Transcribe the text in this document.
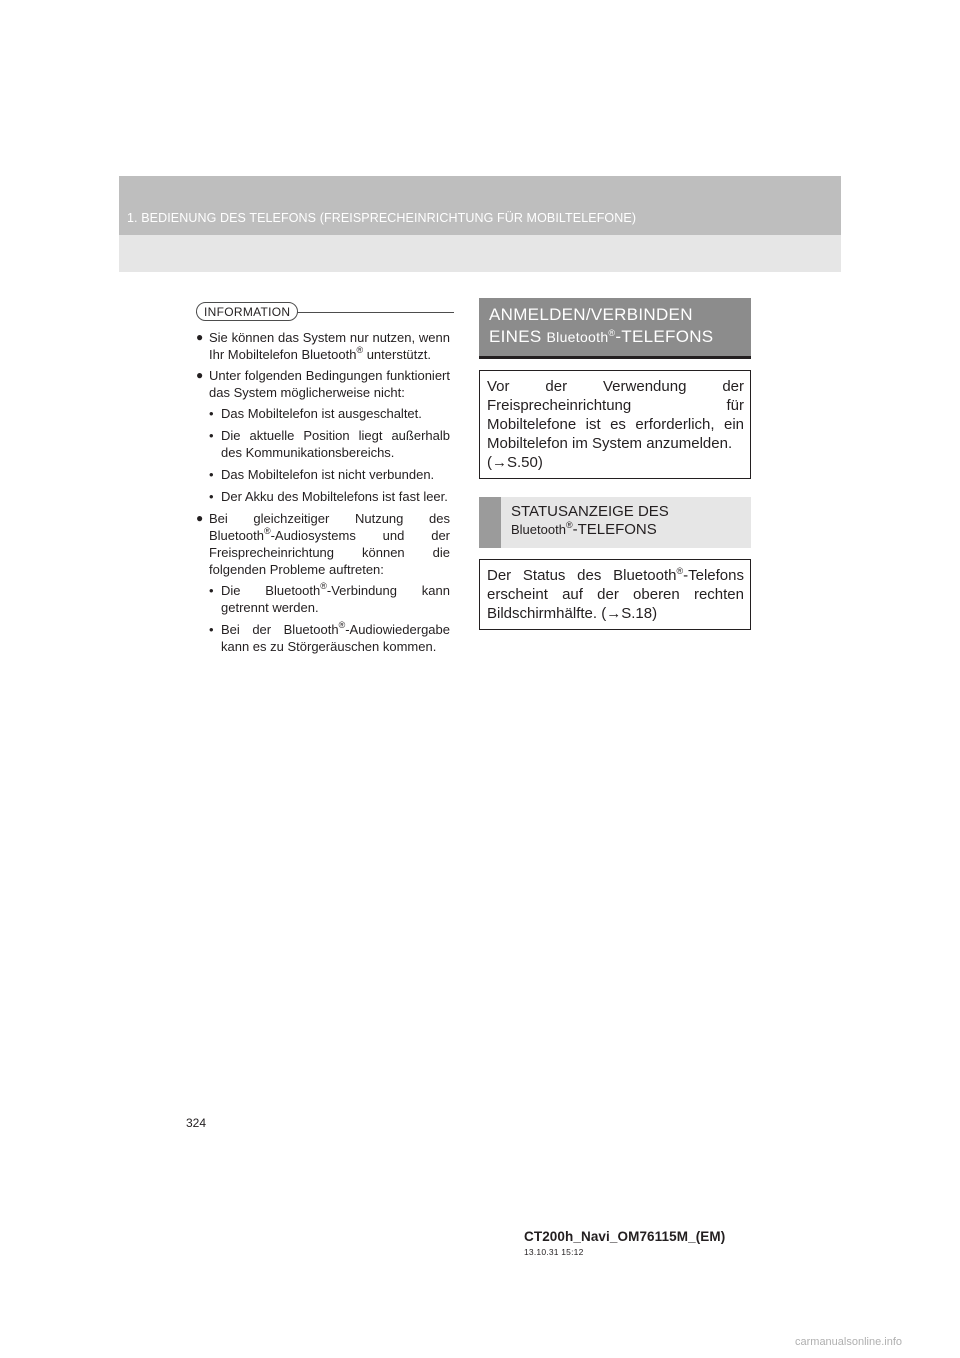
1. BEDIENUNG DES TELEFONS (FREISPRECHEINRICHTUNG FÜR MOBILTELEFONE)
INFORMATION
● Sie können das System nur nutzen, wenn Ihr Mobiltelefon Bluetooth® unterstützt.
● Unter folgenden Bedingungen funktioniert das System möglicherweise nicht:
• Das Mobiltelefon ist ausgeschaltet.
• Die aktuelle Position liegt außerhalb des Kommunikationsbereichs.
• Das Mobiltelefon ist nicht verbunden.
• Der Akku des Mobiltelefons ist fast leer.
● Bei gleichzeitiger Nutzung des Bluetooth®-Audiosystems und der Freisprecheinrichtung können die folgenden Probleme auftreten:
• Die Bluetooth®-Verbindung kann getrennt werden.
• Bei der Bluetooth®-Audiowiedergabe kann es zu Störgeräuschen kommen.
ANMELDEN/VERBINDEN
EINES Bluetooth®-TELEFONS
Vor der Verwendung der Freisprecheinrichtung für Mobiltelefone ist es erforderlich, ein Mobiltelefon im System anzumelden.
(→S.50)
STATUSANZEIGE DES
Bluetooth®-TELEFONS
Der Status des Bluetooth®-Telefons erscheint auf der oberen rechten Bildschirmhälfte. (→S.18)
324
CT200h_Navi_OM76115M_(EM)
13.10.31 15:12
carmanualsonline.info
